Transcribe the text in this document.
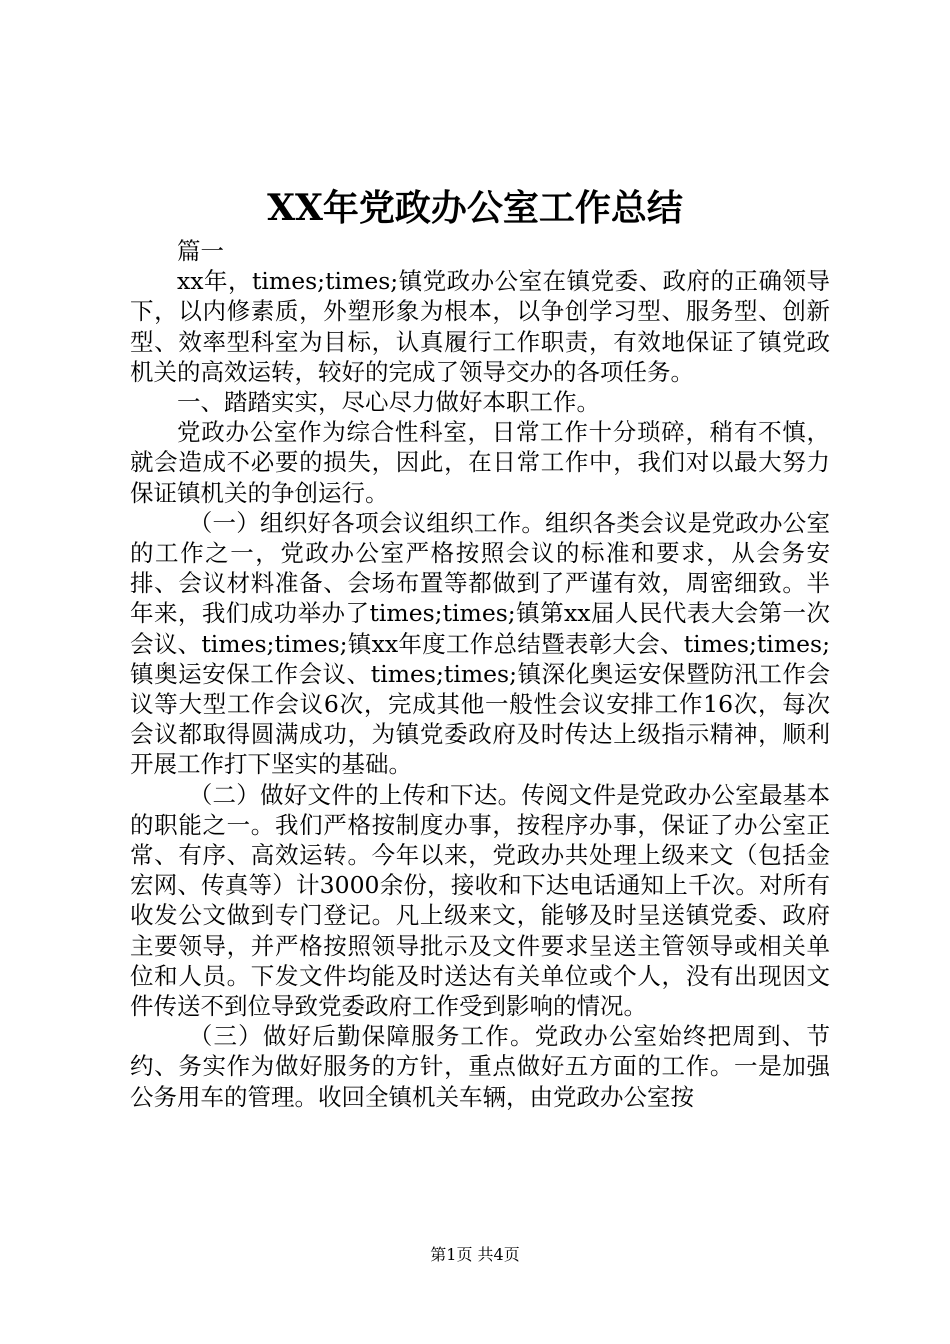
XX年党政办公室工作总结

篇一

xx年，times;times;镇党政办公室在镇党委、政府的正确领导下，以内修素质，外塑形象为根本，以争创学习型、服务型、创新型、效率型科室为目标，认真履行工作职责，有效地保证了镇党政机关的高效运转，较好的完成了领导交办的各项任务。

一、踏踏实实，尽心尽力做好本职工作。

党政办公室作为综合性科室，日常工作十分琐碎，稍有不慎，就会造成不必要的损失，因此，在日常工作中，我们对以最大努力保证镇机关的争创运行。

（一）组织好各项会议组织工作。组织各类会议是党政办公室的工作之一，党政办公室严格按照会议的标准和要求，从会务安排、会议材料准备、会场布置等都做到了严谨有效，周密细致。半年来，我们成功举办了times;times;镇第xx届人民代表大会第一次会议、times;times;镇xx年度工作总结暨表彰大会、times;times;镇奥运安保工作会议、times;times;镇深化奥运安保暨防汛工作会议等大型工作会议6次，完成其他一般性会议安排工作16次，每次会议都取得圆满成功，为镇党委政府及时传达上级指示精神，顺利开展工作打下坚实的基础。

（二）做好文件的上传和下达。传阅文件是党政办公室最基本的职能之一。我们严格按制度办事，按程序办事，保证了办公室正常、有序、高效运转。今年以来，党政办共处理上级来文（包括金宏网、传真等）计3000余份，接收和下达电话通知上千次。对所有收发公文做到专门登记。凡上级来文，能够及时呈送镇党委、政府主要领导，并严格按照领导批示及文件要求呈送主管领导或相关单位和人员。下发文件均能及时送达有关单位或个人，没有出现因文件传送不到位导致党委政府工作受到影响的情况。

（三）做好后勤保障服务工作。党政办公室始终把周到、节约、务实作为做好服务的方针，重点做好五方面的工作。一是加强公务用车的管理。收回全镇机关车辆，由党政办公室按

第1页 共4页
